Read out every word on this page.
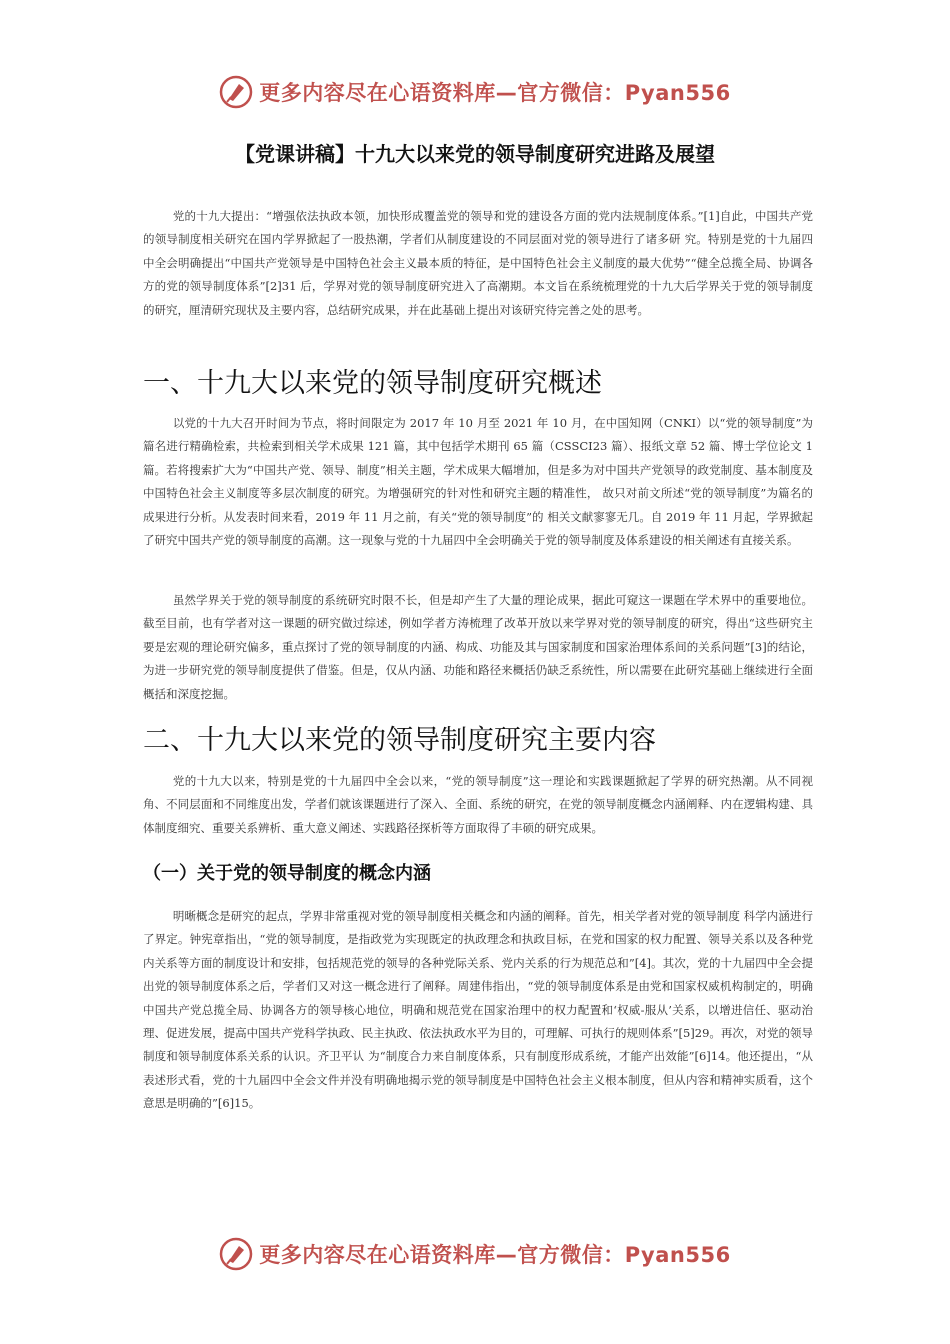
更多内容尽在心语资料库—官方微信：Pyan556
【党课讲稿】十九大以来党的领导制度研究进路及展望

党的十九大提出：“增强依法执政本领，加快形成覆盖党的领导和党的建设各方面的党内法规制度体系。”[1]自此，中国共产党的领导制度相关研究在国内学界掀起了一股热潮，学者们从制度建设的不同层面对党的领导进行了诸多研 究。特别是党的十九届四中全会明确提出“中国共产党领导是中国特色社会主义最本质的特征，是中国特色社会主义制度的最大优势”“健全总揽全局、协调各方的党的领导制度体系”[2]31 后，学界对党的领导制度研究进入了高潮期。本文旨在系统梳理党的十九大后学界关于党的领导制度的研究，厘清研究现状及主要内容，总结研究成果，并在此基础上提出对该研究待完善之处的思考。

一、十九大以来党的领导制度研究概述

以党的十九大召开时间为节点，将时间限定为 2017 年 10 月至 2021 年 10 月，在中国知网（CNKI）以“党的领导制度”为篇名进行精确检索，共检索到相关学术成果 121 篇，其中包括学术期刊 65 篇（CSSCI23 篇）、报纸文章 52 篇、博士学位论文 1 篇。若将搜索扩大为“中国共产党、领导、制度”相关主题，学术成果大幅增加，但是多为对中国共产党领导的政党制度、基本制度及中国特色社会主义制度等多层次制度的研究。为增强研究的针对性和研究主题的精准性， 故只对前文所述“党的领导制度”为篇名的成果进行分析。从发表时间来看，2019 年 11 月之前，有关“党的领导制度”的 相关文献寥寥无几。自 2019 年 11 月起，学界掀起了研究中国共产党的领导制度的高潮。这一现象与党的十九届四中全会明确关于党的领导制度及体系建设的相关阐述有直接关系。

虽然学界关于党的领导制度的系统研究时限不长，但是却产生了大量的理论成果，据此可窥这一课题在学术界中的重要地位。截至目前，也有学者对这一课题的研究做过综述，例如学者方涛梳理了改革开放以来学界对党的领导制度的研究，得出“这些研究主要是宏观的理论研究偏多，重点探讨了党的领导制度的内涵、构成、功能及其与国家制度和国家治理体系间的关系问题”[3]的结论，为进一步研究党的领导制度提供了借鉴。但是，仅从内涵、功能和路径来概括仍缺乏系统性，所以需要在此研究基础上继续进行全面概括和深度挖掘。

二、十九大以来党的领导制度研究主要内容

党的十九大以来，特别是党的十九届四中全会以来，“党的领导制度”这一理论和实践课题掀起了学界的研究热潮。从不同视角、不同层面和不同维度出发，学者们就该课题进行了深入、全面、系统的研究，在党的领导制度概念内涵阐释、内在逻辑构建、具体制度细究、重要关系辨析、重大意义阐述、实践路径探析等方面取得了丰硕的研究成果。

（一）关于党的领导制度的概念内涵

明晰概念是研究的起点，学界非常重视对党的领导制度相关概念和内涵的阐释。首先，相关学者对党的领导制度 科学内涵进行了界定。钟宪章指出，“党的领导制度，是指政党为实现既定的执政理念和执政目标，在党和国家的权力配置、领导关系以及各种党内关系等方面的制度设计和安排，包括规范党的领导的各种党际关系、党内关系的行为规范总和”[4]。其次，党的十九届四中全会提出党的领导制度体系之后，学者们又对这一概念进行了阐释。周建伟指出，“党的领导制度体系是由党和国家权威机构制定的，明确中国共产党总揽全局、协调各方的领导核心地位，明确和规范党在国家治理中的权力配置和‘权威-服从’关系，以增进信任、驱动治理、促进发展，提高中国共产党科学执政、民主执政、依法执政水平为目的，可理解、可执行的规则体系”[5]29。再次，对党的领导制度和领导制度体系关系的认识。齐卫平认 为“制度合力来自制度体系，只有制度形成系统，才能产出效能”[6]14。他还提出，“从表述形式看，党的十九届四中全会文件并没有明确地揭示党的领导制度是中国特色社会主义根本制度，但从内容和精神实质看，这个意思是明确的”[6]15。

更多内容尽在心语资料库—官方微信：Pyan556
